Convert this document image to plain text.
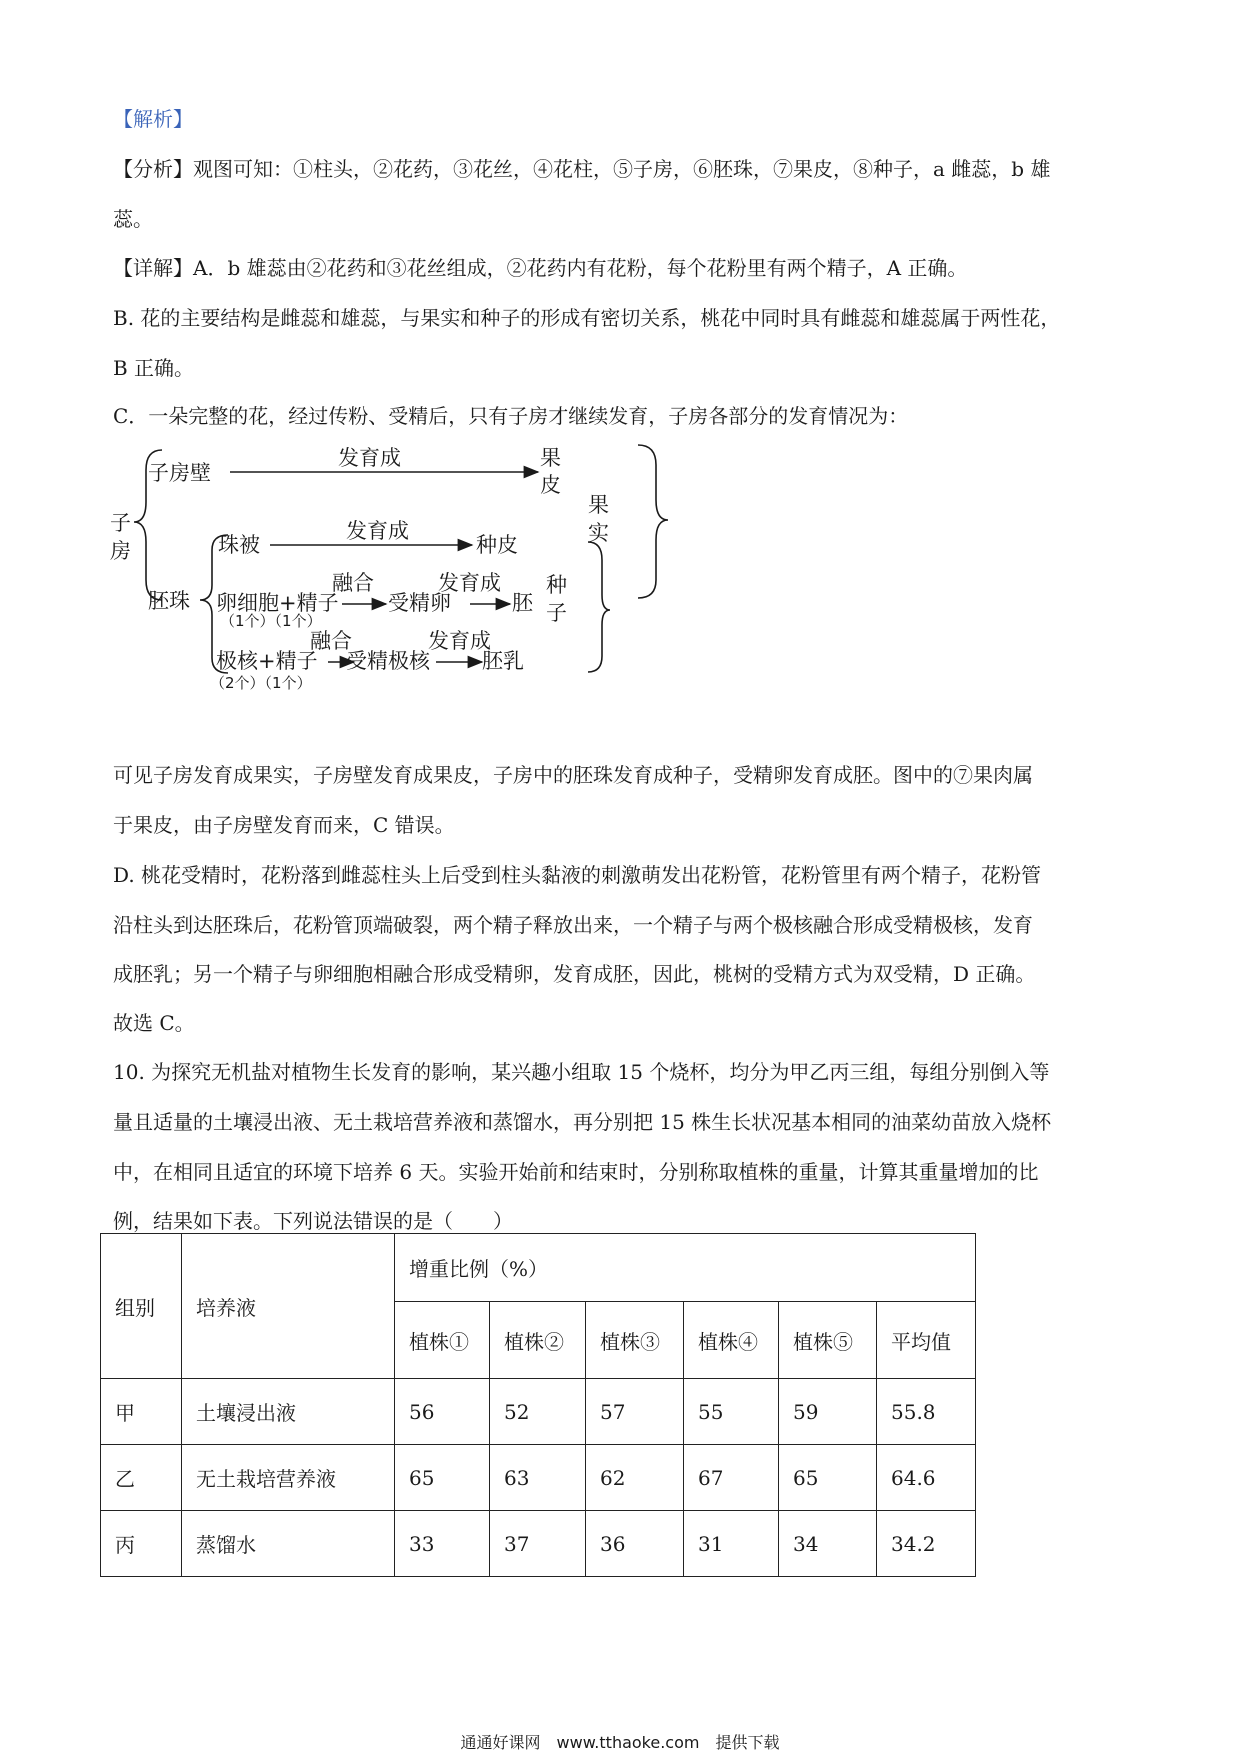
【解析】
【分析】观图可知：①柱头，②花药，③花丝，④花柱，⑤子房，⑥胚珠，⑦果皮，⑧种子，a 雌蕊，b 雄
蕊。
【详解】A．b 雄蕊由②花药和③花丝组成，②花药内有花粉，每个花粉里有两个精子，A 正确。
B. 花的主要结构是雌蕊和雄蕊，与果实和种子的形成有密切关系，桃花中同时具有雌蕊和雄蕊属于两性花，
B 正确。
C．一朵完整的花，经过传粉、受精后，只有子房才继续发育，子房各部分的发育情况为：
子
房
子房壁
发育成	果
皮
果
实
胚珠
珠被
发育成
种皮
种
子
卵细胞+精子
融合
受精卵
发育成
胚
极核+精子
融合
受精极核
发育成
胚乳
（1个）（1个）
（2个）（1个）
可见子房发育成果实，子房壁发育成果皮，子房中的胚珠发育成种子，受精卵发育成胚。图中的⑦果肉属
于果皮，由子房壁发育而来，C 错误。
D. 桃花受精时，花粉落到雌蕊柱头上后受到柱头黏液的刺激萌发出花粉管，花粉管里有两个精子，花粉管
沿柱头到达胚珠后，花粉管顶端破裂，两个精子释放出来，一个精子与两个极核融合形成受精极核，发育
成胚乳；另一个精子与卵细胞相融合形成受精卵，发育成胚，因此，桃树的受精方式为双受精，D 正确。
故选 C。
10. 为探究无机盐对植物生长发育的影响，某兴趣小组取 15 个烧杯，均分为甲乙丙三组，每组分别倒入等
量且适量的土壤浸出液、无土栽培营养液和蒸馏水，再分别把 15 株生长状况基本相同的油菜幼苗放入烧杯
中，在相同且适宜的环境下培养 6 天。实验开始前和结束时，分别称取植株的重量，计算其重量增加的比
例，结果如下表。下列说法错误的是（　　）
组别	培养液	增重比例（%）					
		植株①	植株②	植株③	植株④	植株⑤	平均值
甲	土壤浸出液	56	52	57	55	59	55.8
乙	无土栽培营养液	65	63	62	67	65	64.6
丙	蒸馏水	33	37	36	31	34	34.2
通通好课网　www.tthaoke.com　提供下载
